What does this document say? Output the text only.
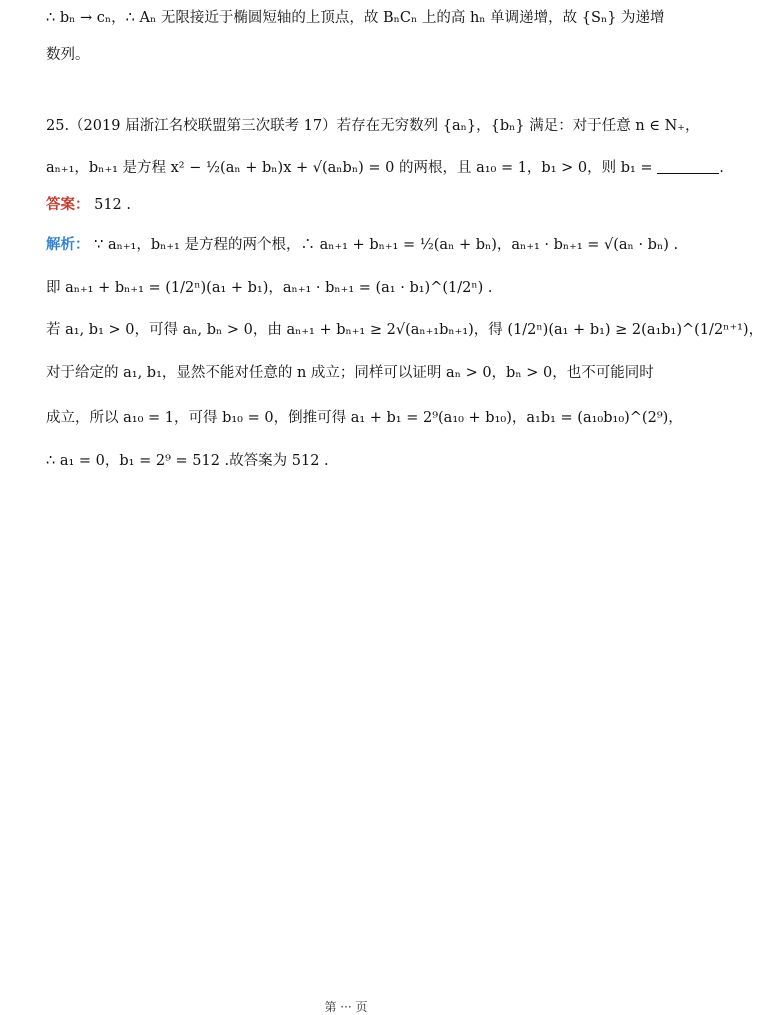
∴ bₙ → cₙ，∴ Aₙ 无限接近于椭圆短轴的上顶点，故 BₙCₙ 上的高 hₙ 单调递增，故 {Sₙ} 为递增
数列。
25.（2019 届浙江名校联盟第三次联考 17）若存在无穷数列 {aₙ}，{bₙ} 满足：对于任意 n ∈ N₊，
aₙ₊₁，bₙ₊₁ 是方程 x² − ½(aₙ + bₙ)x + √(aₙbₙ) = 0 的两根，且 a₁₀ = 1，b₁ > 0，则 b₁ =	.
答案： 512 .
解析： ∵ aₙ₊₁，bₙ₊₁ 是方程的两个根，∴ aₙ₊₁ + bₙ₊₁ = ½(aₙ + bₙ)，aₙ₊₁ · bₙ₊₁ = √(aₙ · bₙ) .
即 aₙ₊₁ + bₙ₊₁ = (1/2ⁿ)(a₁ + b₁)，aₙ₊₁ · bₙ₊₁ = (a₁ · b₁)^(1/2ⁿ) .
若 a₁, b₁ > 0，可得 aₙ, bₙ > 0，由 aₙ₊₁ + bₙ₊₁ ≥ 2√(aₙ₊₁bₙ₊₁)，得 (1/2ⁿ)(a₁ + b₁) ≥ 2(a₁b₁)^(1/2ⁿ⁺¹)，
对于给定的 a₁, b₁，显然不能对任意的 n 成立；同样可以证明 aₙ > 0，bₙ > 0，也不可能同时
成立，所以 a₁₀ = 1，可得 b₁₀ = 0，倒推可得 a₁ + b₁ = 2⁹(a₁₀ + b₁₀)，a₁b₁ = (a₁₀b₁₀)^(2⁹)，
∴ a₁ = 0，b₁ = 2⁹ = 512 .故答案为 512 .
第 ··· 页
